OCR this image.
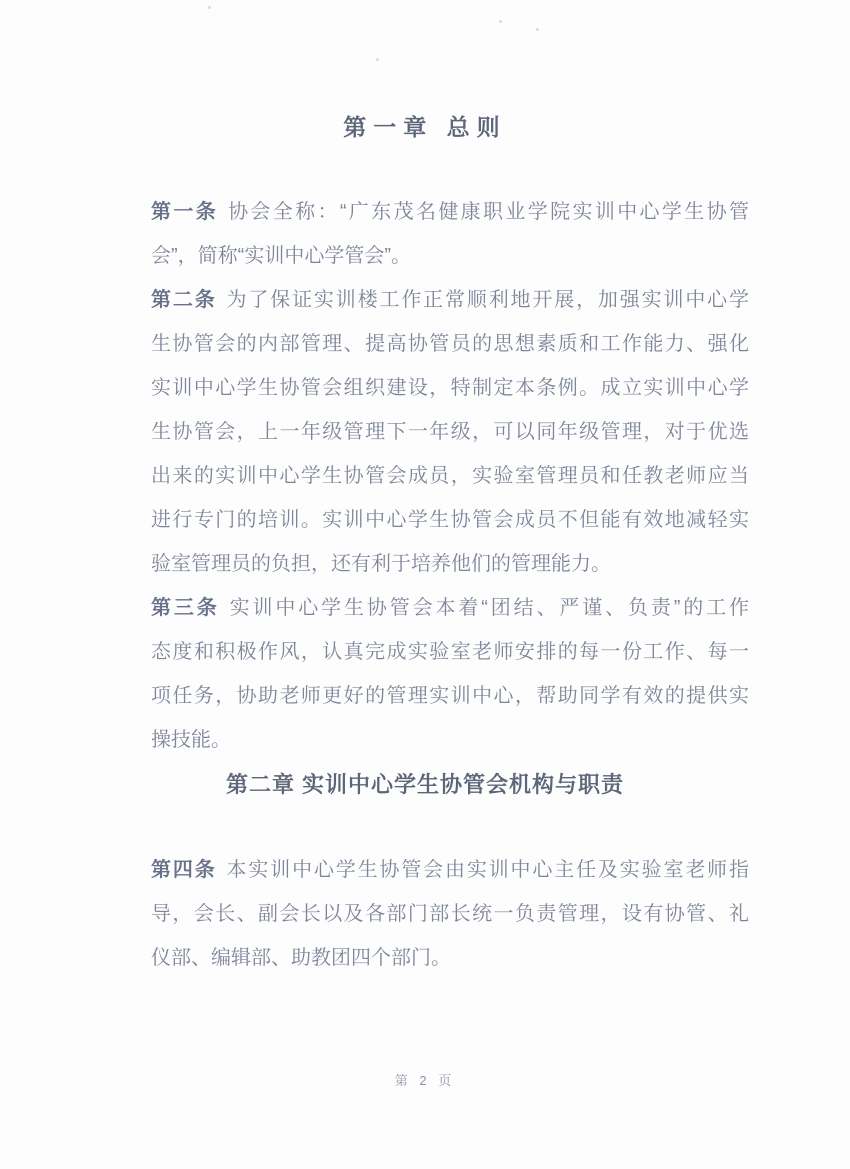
第一章 总则
第一条 协会全称：“广东茂名健康职业学院实训中心学生协管
会”，简称“实训中心学管会”。
第二条 为了保证实训楼工作正常顺利地开展，加强实训中心学
生协管会的内部管理、提高协管员的思想素质和工作能力、强化
实训中心学生协管会组织建设，特制定本条例。成立实训中心学
生协管会，上一年级管理下一年级，可以同年级管理，对于优选
出来的实训中心学生协管会成员，实验室管理员和任教老师应当
进行专门的培训。实训中心学生协管会成员不但能有效地减轻实
验室管理员的负担，还有利于培养他们的管理能力。
第三条 实训中心学生协管会本着“团结、严谨、负责”的工作
态度和积极作风，认真完成实验室老师安排的每一份工作、每一
项任务，协助老师更好的管理实训中心，帮助同学有效的提供实
操技能。
第二章 实训中心学生协管会机构与职责
第四条 本实训中心学生协管会由实训中心主任及实验室老师指
导，会长、副会长以及各部门部长统一负责管理，设有协管、礼
仪部、编辑部、助教团四个部门。
第 2 页
